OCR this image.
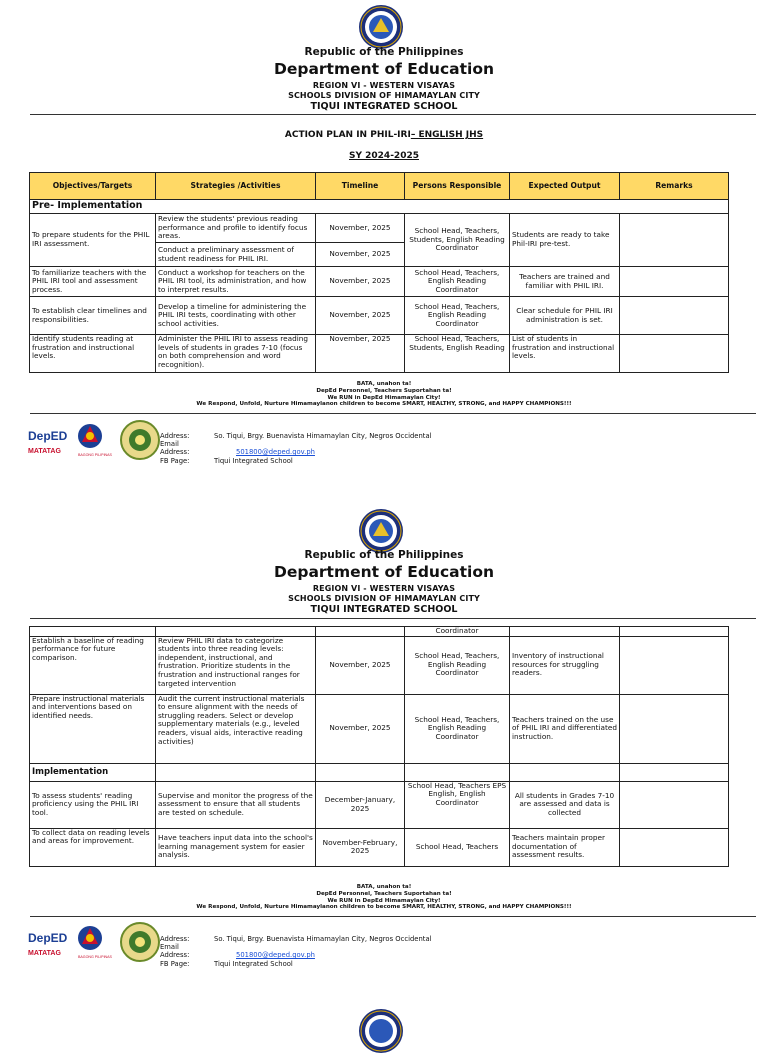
Republic of the Philippines
Department of Education
REGION VI - WESTERN VISAYAS
SCHOOLS DIVISION OF HIMAMAYLAN CITY
TIQUI INTEGRATED SCHOOL
ACTION PLAN IN PHIL-IRI– ENGLISH JHS
SY 2024-2025
Objectives/Targets	Strategies /Activities	Timeline	Persons Responsible	Expected Output	Remarks
Pre- Implementation					
To prepare students for the PHIL IRI assessment.	Review the students' previous reading performance and profile to identify focus areas.	November, 2025	School Head, Teachers, Students, English Reading Coordinator	Students are ready to take Phil-IRI pre-test.	
	Conduct a preliminary assessment of student readiness for PHIL IRI.	November, 2025			
To familiarize teachers with the PHIL IRI tool and assessment process.	Conduct a workshop for teachers on the PHIL IRI tool, its administration, and how to interpret results.	November, 2025	School Head, Teachers, English Reading Coordinator	Teachers are trained and familiar with PHIL IRI.	
To establish clear timelines and responsibilities.	Develop a timeline for administering the PHIL IRI tests, coordinating with other school activities.	November, 2025	School Head, Teachers, English Reading Coordinator	Clear schedule for PHIL IRI administration is set.	
Identify students reading at frustration and instructional levels.	Administer the PHIL IRI to assess reading levels of students in grades 7-10 (focus on both comprehension and word recognition).	November, 2025	School Head, Teachers, Students, English Reading	List of students in frustration and instructional levels.	
BATA, unahon ta!
DepEd Personnel, Teachers Suportahan ta!
We RUN in DepEd Himamaylan City!
We Respond, Unfold, Nurture Himamaylanon children to become SMART, HEALTHY, STRONG, and HAPPY CHAMPIONS!!!
DepED
MATATAG	BAGONG PILIPINAS
Address:	So. Tiqui, Brgy. Buenavista Himamaylan City, Negros Occidental
Email Address:	501800@deped.gov.ph
FB Page:	Tiqui Integrated School
Republic of the Philippines
Department of Education
REGION VI - WESTERN VISAYAS
SCHOOLS DIVISION OF HIMAMAYLAN CITY
TIQUI INTEGRATED SCHOOL
			Coordinator		
Establish a baseline of reading performance for future comparison.	Review PHIL IRI data to categorize students into three reading levels: independent, instructional, and frustration. Prioritize students in the frustration and instructional ranges for targeted intervention	November, 2025	School Head, Teachers, English Reading Coordinator	Inventory of instructional resources for struggling readers.	
Prepare instructional materials and interventions based on identified needs.	Audit the current instructional materials to ensure alignment with the needs of struggling readers. Select or develop supplementary materials (e.g., leveled readers, visual aids, interactive reading activities)	November, 2025	School Head, Teachers, English Reading Coordinator	Teachers trained on the use of PHIL IRI and differentiated instruction.	
Implementation					
To assess students' reading proficiency using the PHIL IRI tool.	Supervise and monitor the progress of the assessment to ensure that all students are tested on schedule.	December-January, 2025	School Head, Teachers EPS English, English Coordinator	All students in Grades 7-10 are assessed and data is collected	
To collect data on reading levels and areas for improvement.	Have teachers input data into the school's learning management system for easier analysis.	November-February, 2025	School Head, Teachers	Teachers maintain proper documentation of assessment results.	
BATA, unahon ta!
DepEd Personnel, Teachers Suportahan ta!
We RUN in DepEd Himamaylan City!
We Respond, Unfold, Nurture Himamaylanon children to become SMART, HEALTHY, STRONG, and HAPPY CHAMPIONS!!!
DepED
MATATAG	BAGONG PILIPINAS
Address:	So. Tiqui, Brgy. Buenavista Himamaylan City, Negros Occidental
Email Address:	501800@deped.gov.ph
FB Page:	Tiqui Integrated School
